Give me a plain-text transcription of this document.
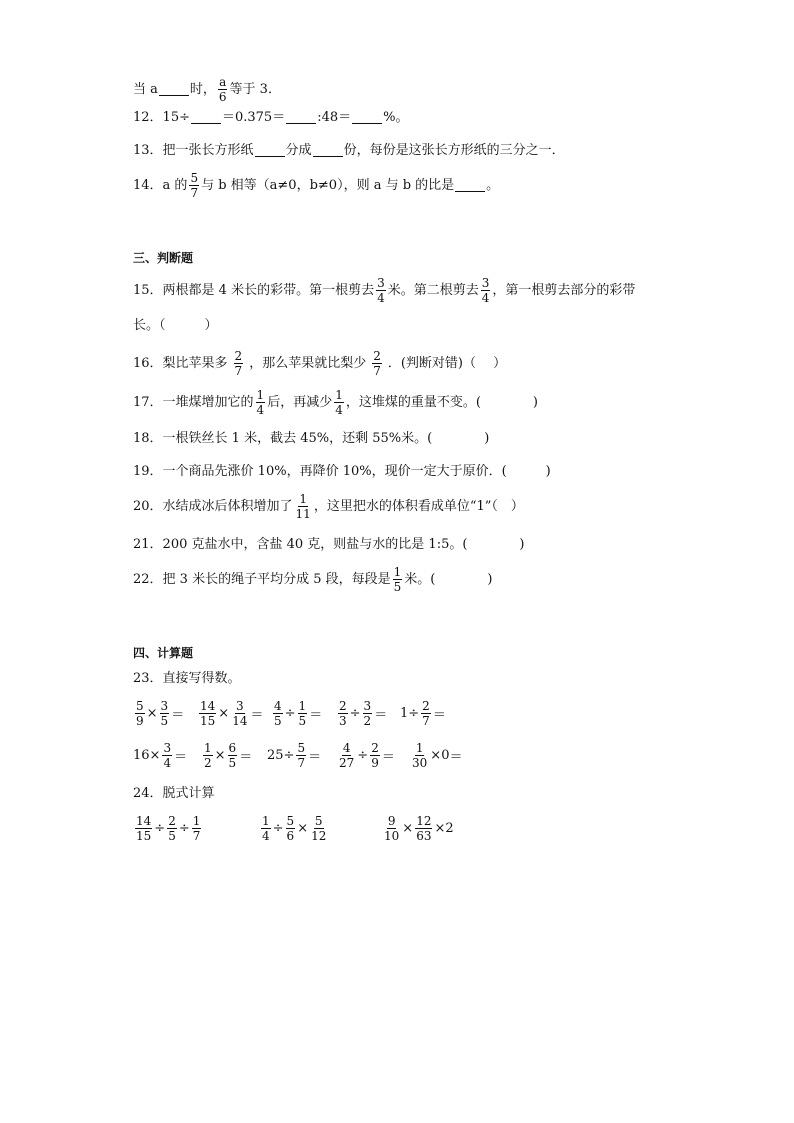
当 a 时， $\frac{a}{6}$ 等于 3．
12．15÷ ＝0.375＝ :48＝ %。
13．把一张长方形纸 分成 份，每份是这张长方形纸的三分之一．
14．a 的 $\frac{5}{7}$ 与 b 相等（a≠0，b≠0），则 a 与 b 的比是 。
三、判断题
15．两根都是 4 米长的彩带。第一根剪去 $\frac{3}{4}$ 米。第二根剪去 $\frac{3}{4}$ ，第一根剪去部分的彩带
长。（　　　）
16．梨比苹果多 $\frac{2}{7}$ ，那么苹果就比梨少 $\frac{2}{7}$ ．(判断对错)（　 ）
17．一堆煤增加它的 $\frac{1}{4}$ 后，再减少 $\frac{1}{4}$ ，这堆煤的重量不变。(　　　　)
18．一根铁丝长 1 米，截去 45%，还剩 55%米。(　　　　)
19．一个商品先涨价 10%，再降价 10%，现价一定大于原价．(　　　)
20．水结成冰后体积增加了 $\frac{1}{11}$ ，这里把水的体积看成单位“1”（　）
21．200 克盐水中，含盐 40 克，则盐与水的比是 1:5。(　　　　)
22．把 3 米长的绳子平均分成 5 段，每段是 $\frac{1}{5}$ 米。(　　　　)
四、计算题
23．直接写得数。
$\frac{5}{9} \times \frac{3}{5} = \frac{14}{15} \times \frac{3}{14} = \frac{4}{5} \div \frac{1}{5} = \frac{2}{3} \div \frac{3}{2} = 1\div \frac{2}{7}$ ＝
$16\times \frac{3}{4} = \frac{1}{2} \times \frac{6}{5} = 25\div \frac{5}{7} = \frac{4}{27} \div \frac{2}{9} = \frac{1}{30} \times 0$ ＝
24．脱式计算
$\frac{14}{15} \div \frac{2}{5} \div \frac{1}{7}$	$\frac{1}{4} \div \frac{5}{6} \times \frac{5}{12}$	$\frac{9}{10} \times \frac{12}{63} \times 2$
